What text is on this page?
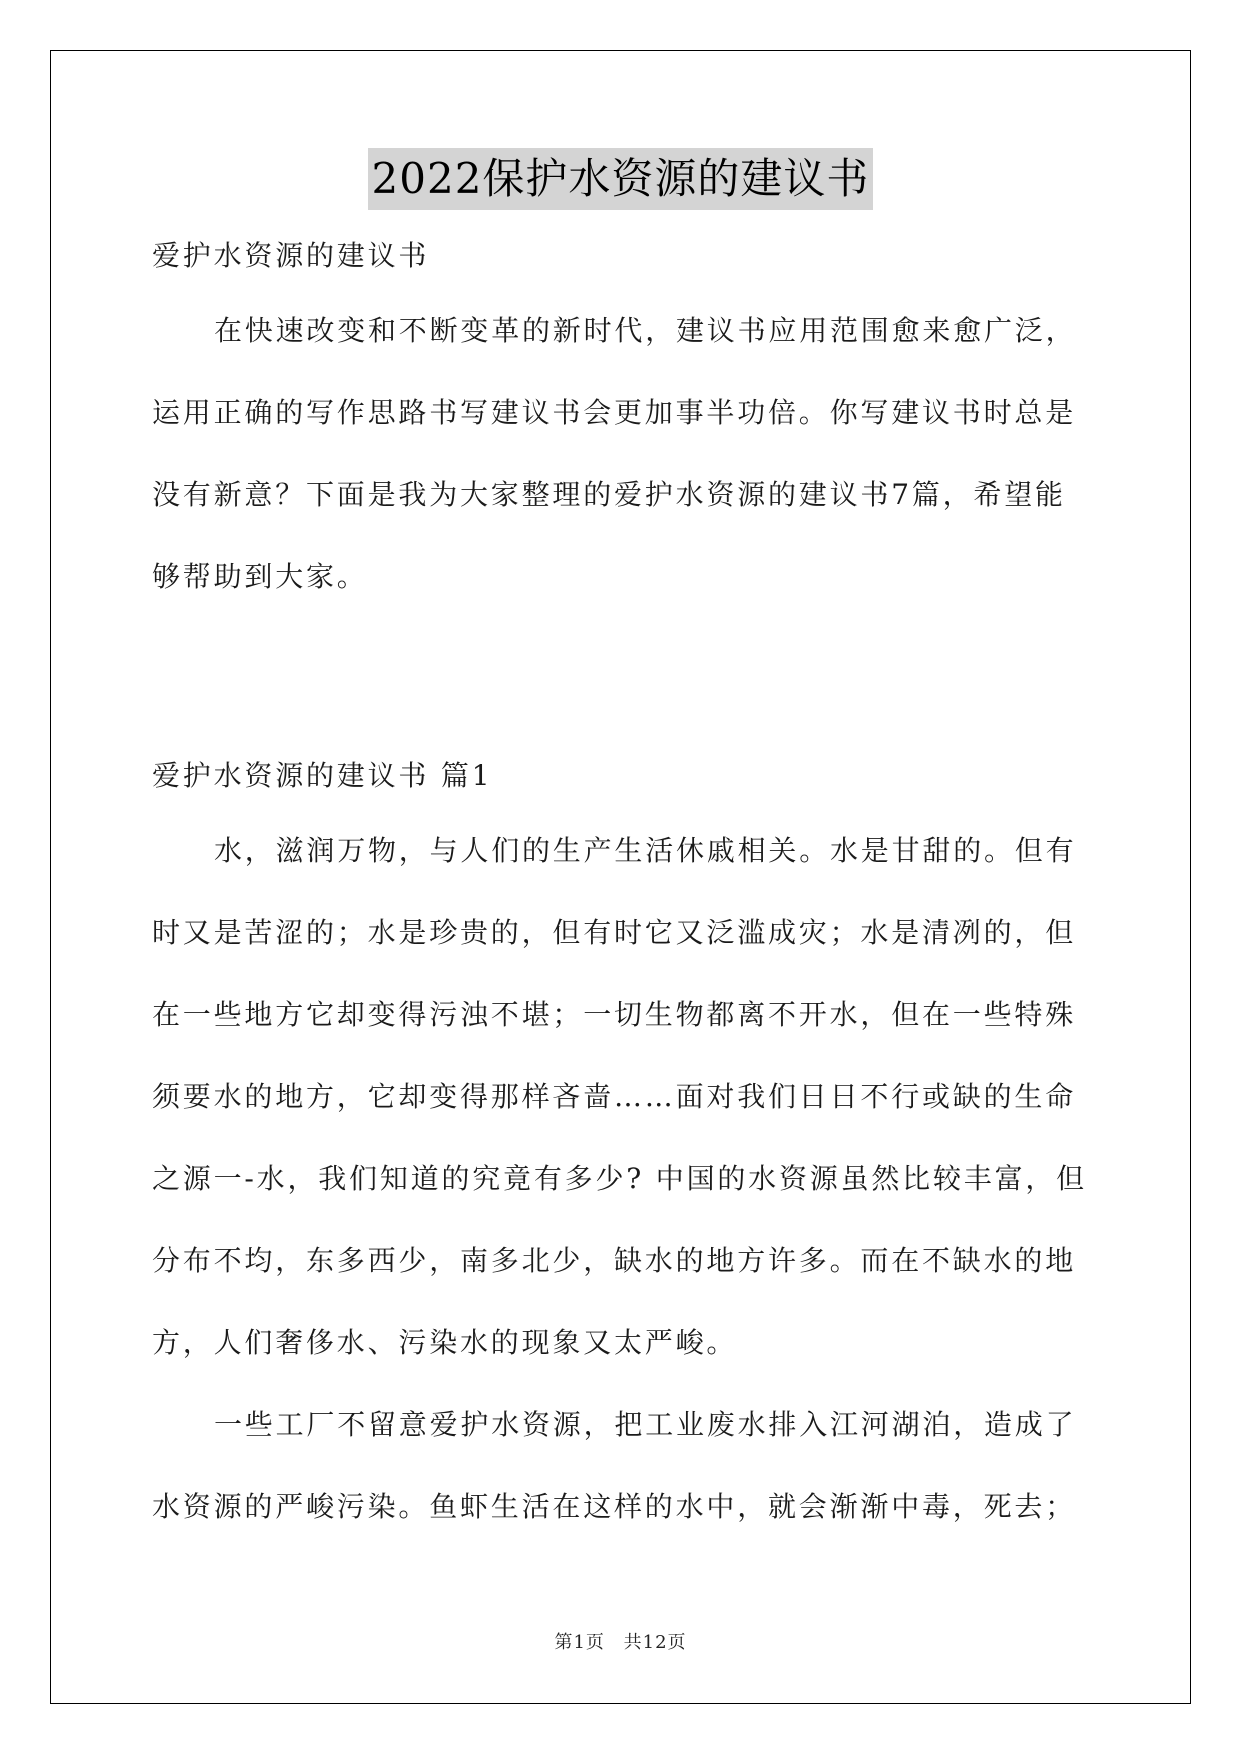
2022保护水资源的建议书

爱护水资源的建议书

在快速改变和不断变革的新时代，建议书应用范围愈来愈广泛，运用正确的写作思路书写建议书会更加事半功倍。你写建议书时总是没有新意？下面是我为大家整理的爱护水资源的建议书7篇，希望能够帮助到大家。

爱护水资源的建议书 篇1

水，滋润万物，与人们的生产生活休戚相关。水是甘甜的。但有时又是苦涩的；水是珍贵的，但有时它又泛滥成灾；水是清冽的，但在一些地方它却变得污浊不堪；一切生物都离不开水，但在一些特殊须要水的地方，它却变得那样吝啬……面对我们日日不行或缺的生命之源一-水，我们知道的究竟有多少? 中国的水资源虽然比较丰富，但分布不均，东多西少，南多北少，缺水的地方许多。而在不缺水的地方，人们奢侈水、污染水的现象又太严峻。

一些工厂不留意爱护水资源，把工业废水排入江河湖泊，造成了水资源的严峻污染。鱼虾生活在这样的水中，就会渐渐中毒，死去；

第1页 共12页
